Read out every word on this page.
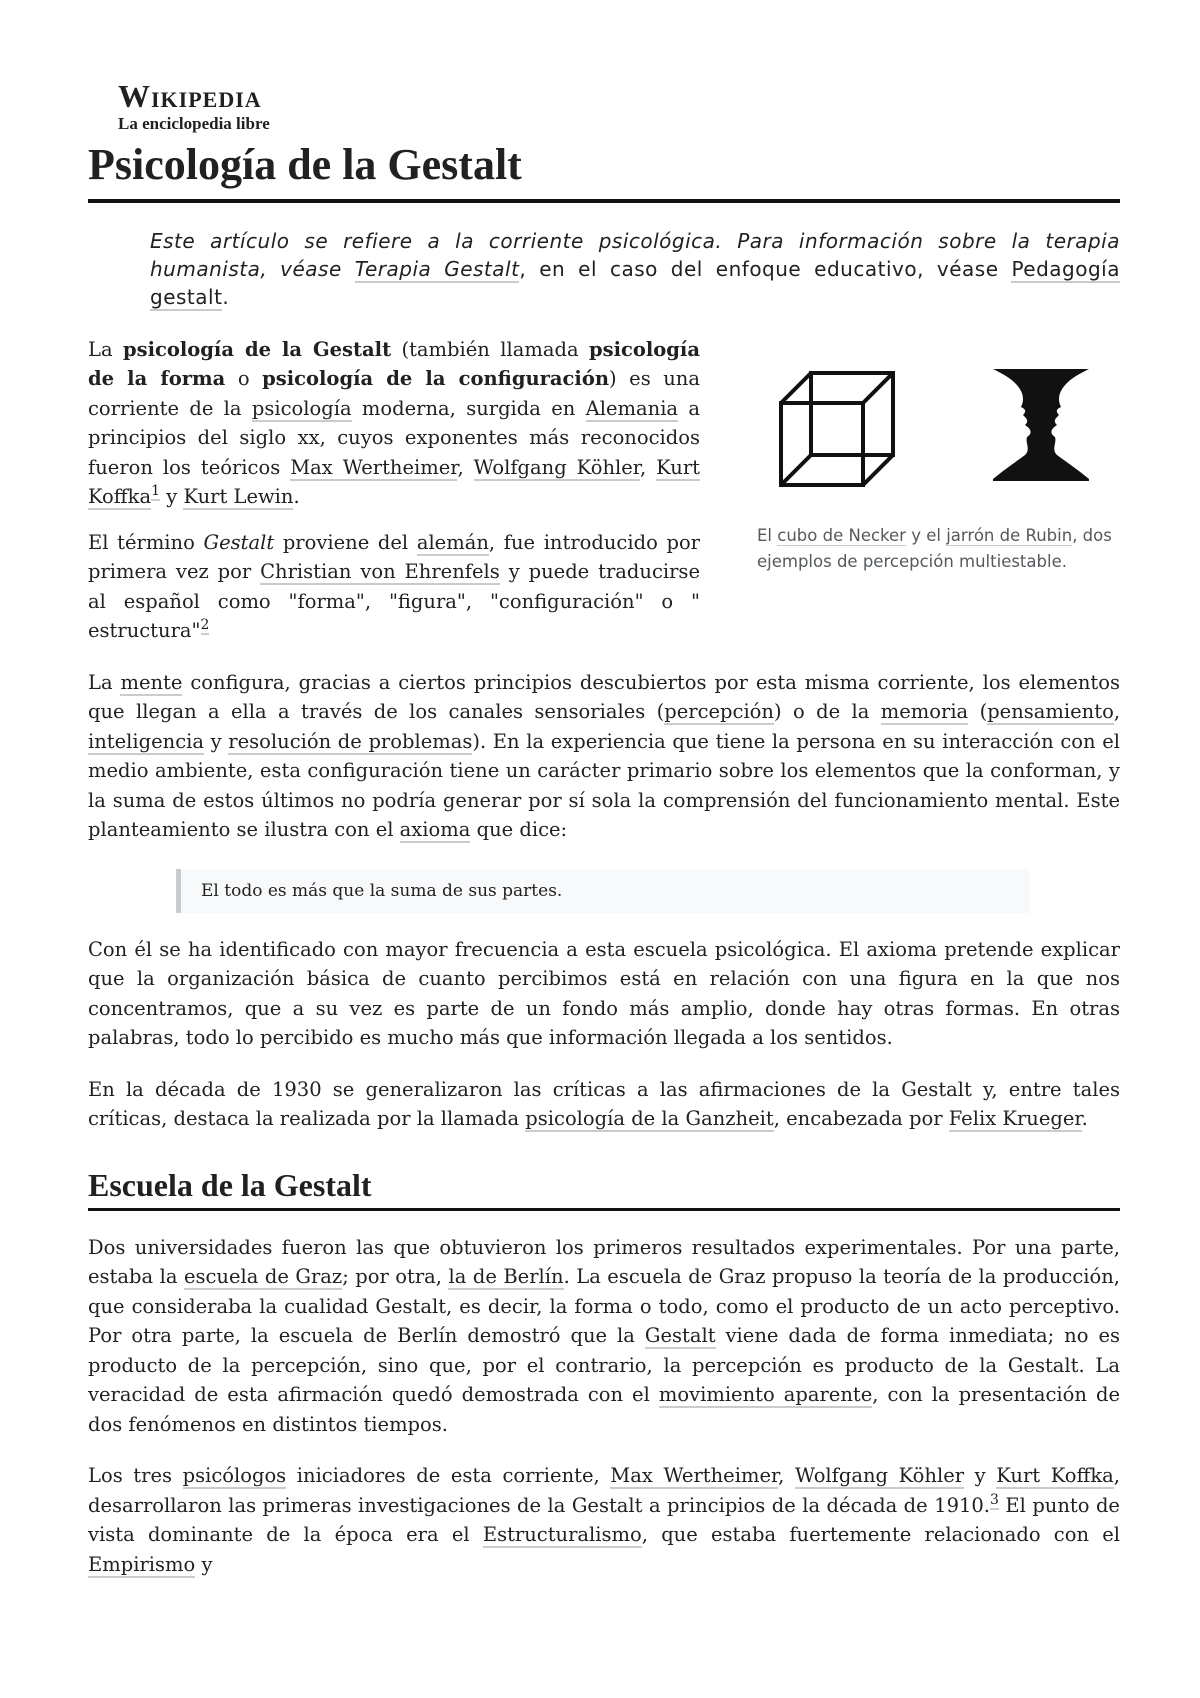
Wikipedia
La enciclopedia libre
Psicología de la Gestalt
Este artículo se refiere a la corriente psicológica. Para información sobre la terapia humanista, véase Terapia Gestalt, en el caso del enfoque educativo, véase Pedagogía gestalt.

La psicología de la Gestalt (también llamada psicología de la forma o psicología de la configuración) es una corriente de la psicología moderna, surgida en Alemania a principios del siglo xx, cuyos exponentes más reconocidos fueron los teóricos Max Wertheimer, Wolfgang Köhler, Kurt Koffka$^1$ y Kurt Lewin.

El término Gestalt proviene del alemán, fue introducido por primera vez por Christian von Ehrenfels y puede traducirse al español como "forma", "figura", "configuración" o " estructura"$^2$

El cubo de Necker y el jarrón de Rubin, dos ejemplos de percepción multiestable.

La mente configura, gracias a ciertos principios descubiertos por esta misma corriente, los elementos que llegan a ella a través de los canales sensoriales (percepción) o de la memoria (pensamiento, inteligencia y resolución de problemas). En la experiencia que tiene la persona en su interacción con el medio ambiente, esta configuración tiene un carácter primario sobre los elementos que la conforman, y la suma de estos últimos no podría generar por sí sola la comprensión del funcionamiento mental. Este planteamiento se ilustra con el axioma que dice:

El todo es más que la suma de sus partes.

Con él se ha identificado con mayor frecuencia a esta escuela psicológica. El axioma pretende explicar que la organización básica de cuanto percibimos está en relación con una figura en la que nos concentramos, que a su vez es parte de un fondo más amplio, donde hay otras formas. En otras palabras, todo lo percibido es mucho más que información llegada a los sentidos.

En la década de 1930 se generalizaron las críticas a las afirmaciones de la Gestalt y, entre tales críticas, destaca la realizada por la llamada psicología de la Ganzheit, encabezada por Felix Krueger.

Escuela de la Gestalt

Dos universidades fueron las que obtuvieron los primeros resultados experimentales. Por una parte, estaba la escuela de Graz; por otra, la de Berlín. La escuela de Graz propuso la teoría de la producción, que consideraba la cualidad Gestalt, es decir, la forma o todo, como el producto de un acto perceptivo. Por otra parte, la escuela de Berlín demostró que la Gestalt viene dada de forma inmediata; no es producto de la percepción, sino que, por el contrario, la percepción es producto de la Gestalt. La veracidad de esta afirmación quedó demostrada con el movimiento aparente, con la presentación de dos fenómenos en distintos tiempos.

Los tres psicólogos iniciadores de esta corriente, Max Wertheimer, Wolfgang Köhler y Kurt Koffka, desarrollaron las primeras investigaciones de la Gestalt a principios de la década de 1910.$^3$ El punto de vista dominante de la época era el Estructuralismo, que estaba fuertemente relacionado con el Empirismo y
